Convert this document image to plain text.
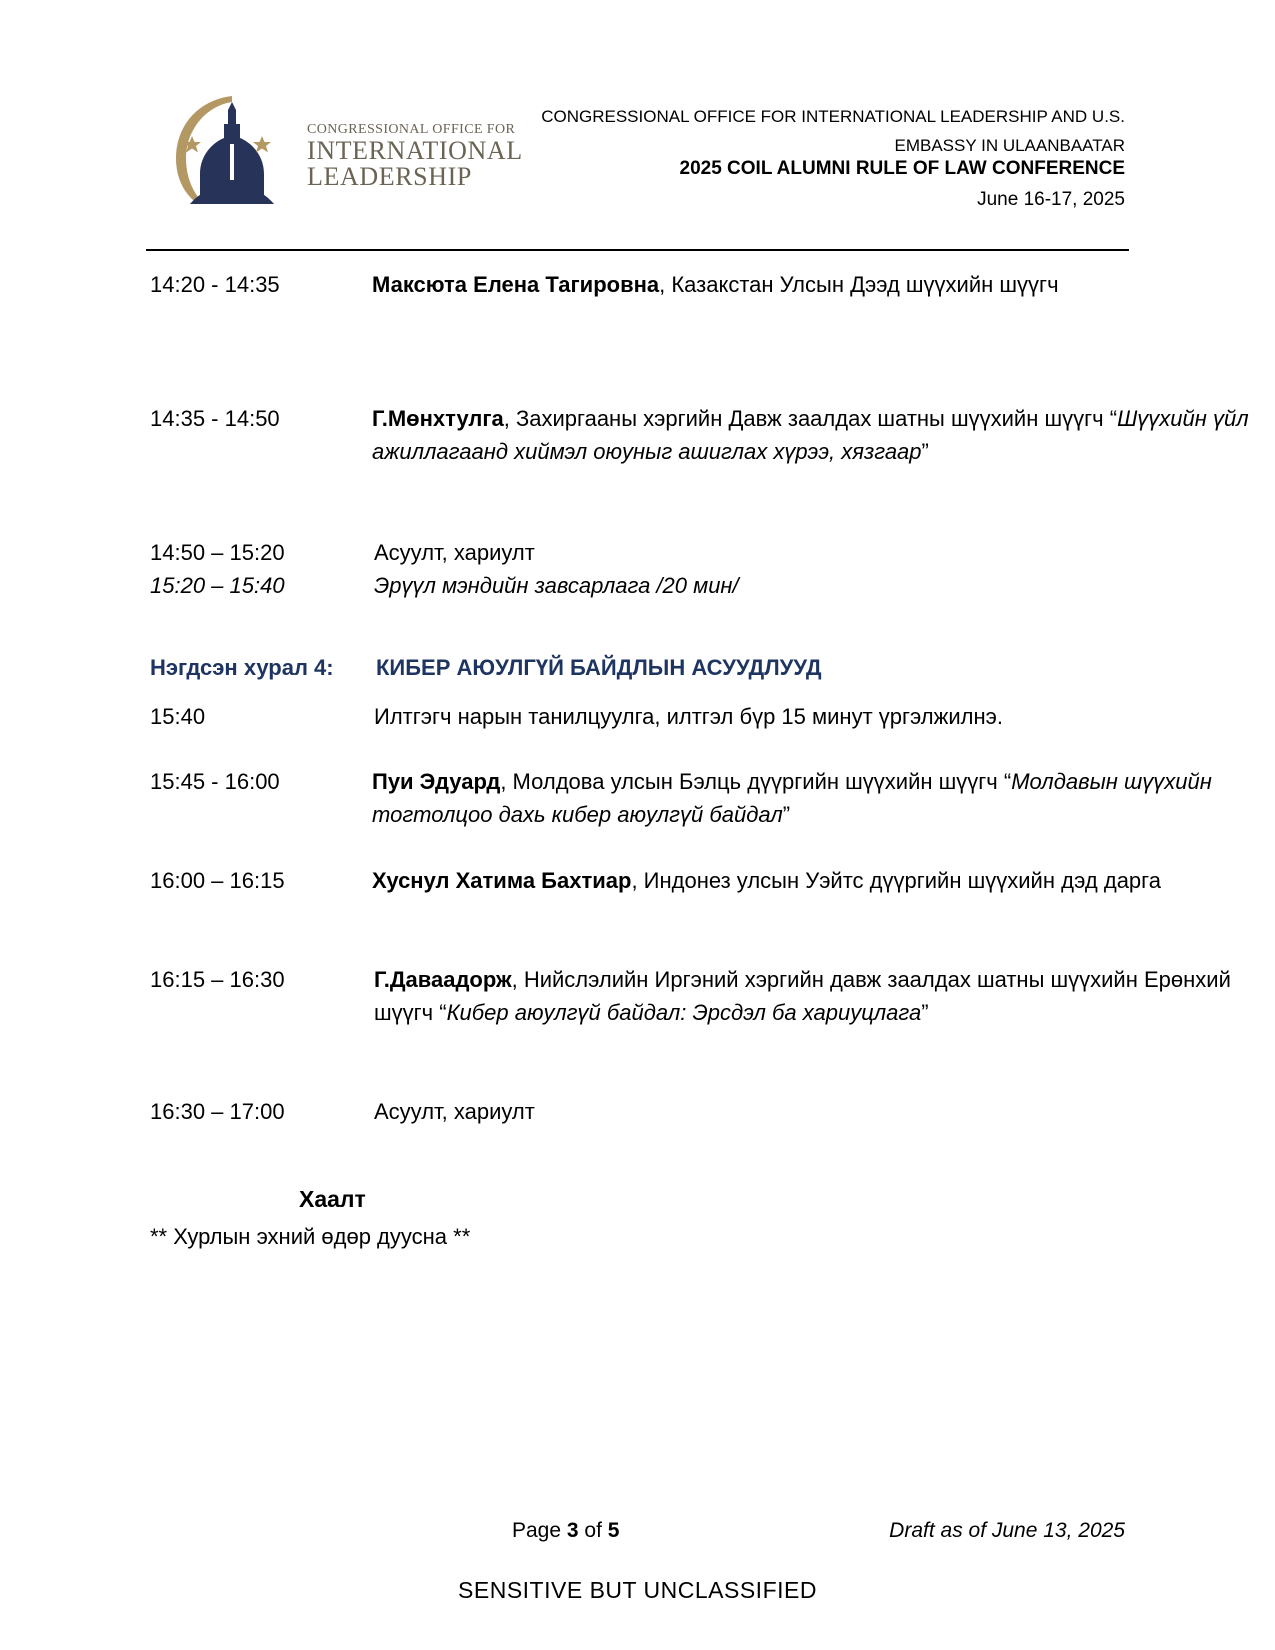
CONGRESSIONAL OFFICE FOR
INTERNATIONAL
LEADERSHIP
CONGRESSIONAL OFFICE FOR INTERNATIONAL LEADERSHIP AND U.S.
EMBASSY IN ULAANBAATAR
2025 COIL ALUMNI RULE OF LAW CONFERENCE
June 16-17, 2025
14:20 - 14:35	Максюта Елена Тагировна, Казакстан Улсын Дээд шүүхийн шүүгч
14:35 - 14:50	Г.Мөнхтулга, Захиргааны хэргийн Давж заалдах шатны шүүхийн шүүгч “Шүүхийн үйл ажиллагаанд хиймэл оюуныг ашиглах хүрээ, хязгаар”
14:50 – 15:20	Асуулт, хариулт
15:20 – 15:40	Эрүүл мэндийн завсарлага /20 мин/
Нэгдсэн хурал 4: КИБЕР АЮУЛГҮЙ БАЙДЛЫН АСУУДЛУУД
15:40	Илтгэгч нарын танилцуулга, илтгэл бүр 15 минут үргэлжилнэ.
15:45 - 16:00	Пуи Эдуард, Молдова улсын Бэлць дүүргийн шүүхийн шүүгч “Молдавын шүүхийн тогтолцоо дахь кибер аюулгүй байдал”
16:00 – 16:15	Хуснул Хатима Бахтиар, Индонез улсын Уэйтс дүүргийн шүүхийн дэд дарга
16:15 – 16:30	Г.Даваадорж, Нийслэлийн Иргэний хэргийн давж заалдах шатны шүүхийн Ерөнхий шүүгч “Кибер аюулгүй байдал: Эрсдэл ба хариуцлага”
16:30 – 17:00	Асуулт, хариулт
Хаалт
** Хурлын эхний өдөр дуусна **
Page 3 of 5	Draft as of June 13, 2025
SENSITIVE BUT UNCLASSIFIED
